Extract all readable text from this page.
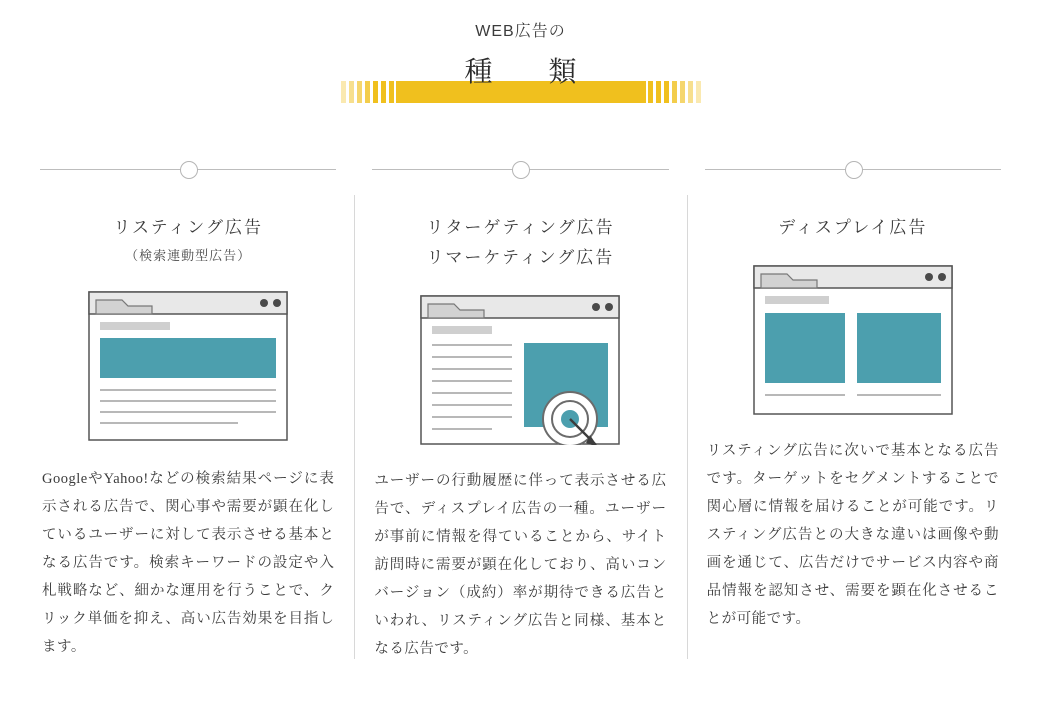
WEB広告の
種　類
リスティング広告
（検索連動型広告）
GoogleやYahoo!などの検索結果ページに表示される広告で、関心事や需要が顕在化しているユーザーに対して表示させる基本となる広告です。検索キーワードの設定や入札戦略など、細かな運用を行うことで、クリック単価を抑え、高い広告効果を目指します。
リターゲティング広告
リマーケティング広告
ユーザーの行動履歴に伴って表示させる広告で、ディスプレイ広告の一種。ユーザーが事前に情報を得ていることから、サイト訪問時に需要が顕在化しており、高いコンバージョン（成約）率が期待できる広告といわれ、リスティング広告と同様、基本となる広告です。
ディスプレイ広告
リスティング広告に次いで基本となる広告です。ターゲットをセグメントすることで関心層に情報を届けることが可能です。リスティング広告との大きな違いは画像や動画を通じて、広告だけでサービス内容や商品情報を認知させ、需要を顕在化させることが可能です。
